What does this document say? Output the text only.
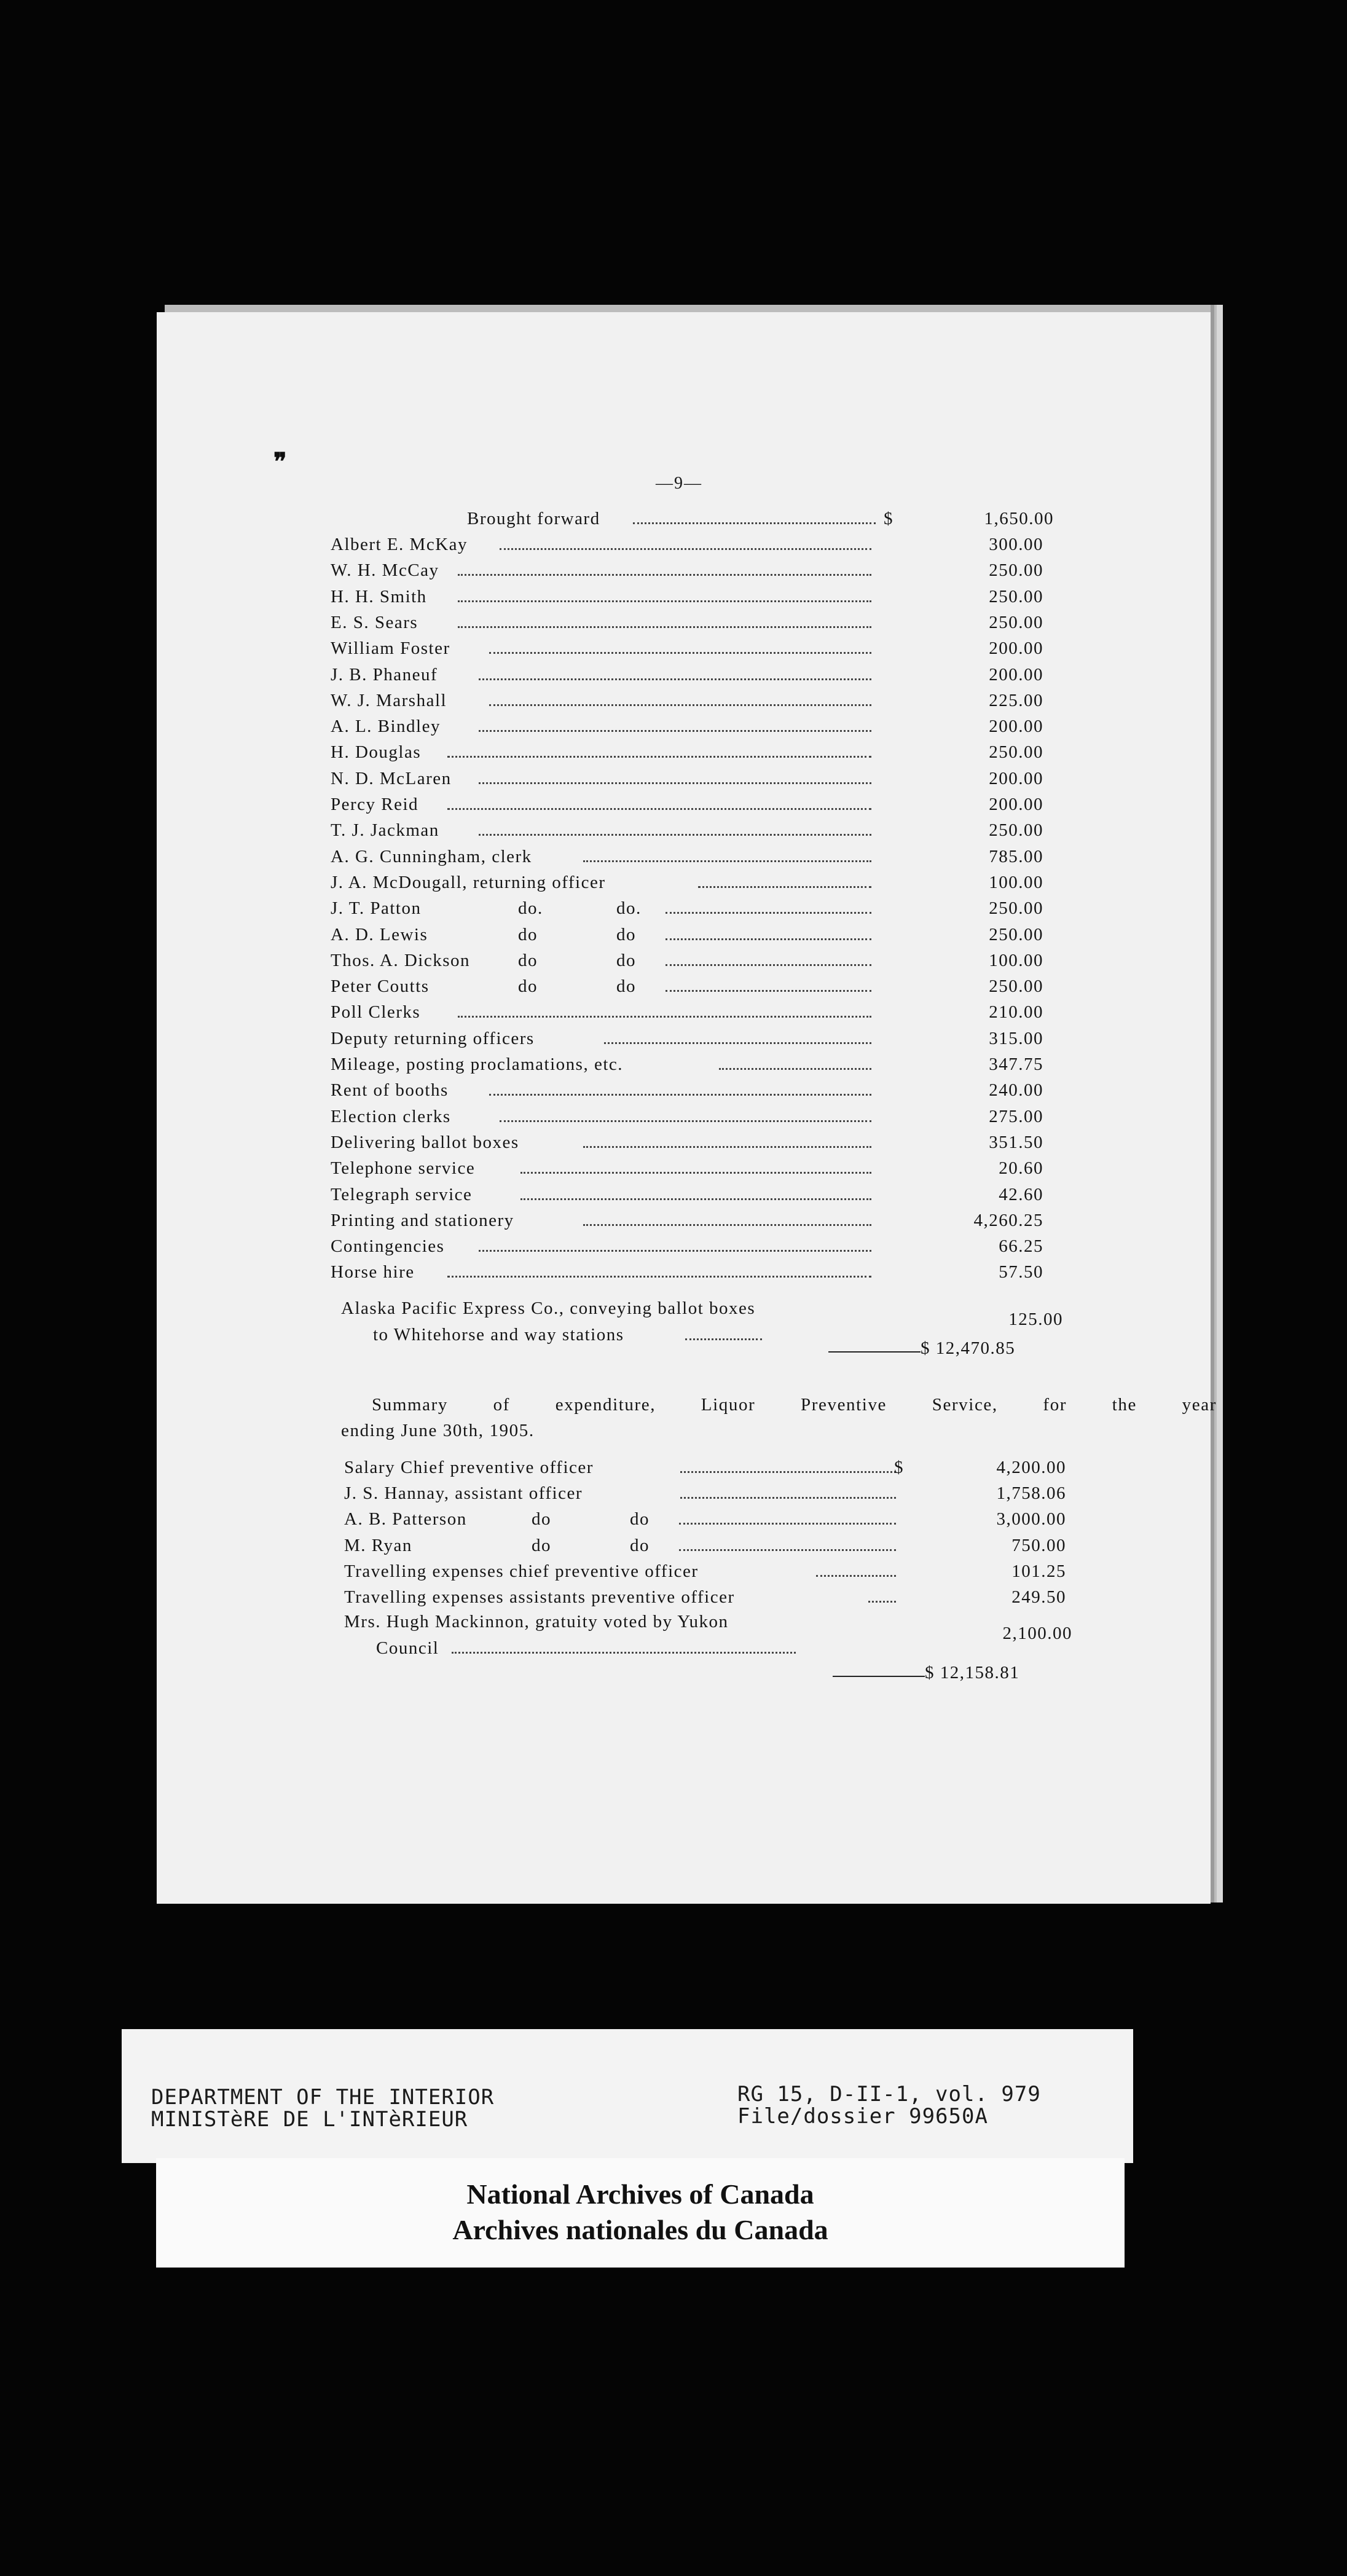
❞
—9—
Brought forward	$	1,650.00
Albert E. McKay	300.00
W. H. McCay	250.00
H. H. Smith	250.00
E. S. Sears	250.00
William Foster	200.00
J. B. Phaneuf	200.00
W. J. Marshall	225.00
A. L. Bindley	200.00
H. Douglas	250.00
N. D. McLaren	200.00
Percy Reid	200.00
T. J. Jackman	250.00
A. G. Cunningham, clerk	785.00
J. A. McDougall, returning officer	100.00
J. T. Patton	do.	do.	250.00
A. D. Lewis	do	do	250.00
Thos. A. Dickson	do	do	100.00
Peter Coutts	do	do	250.00
Poll Clerks	210.00
Deputy returning officers	315.00
Mileage, posting proclamations, etc.	347.75
Rent of booths	240.00
Election clerks	275.00
Delivering ballot boxes	351.50
Telephone service	20.60
Telegraph service	42.60
Printing and stationery	4,260.25
Contingencies	66.25
Horse hire	57.50
Alaska Pacific Express Co., conveying ballot boxes
to Whitehorse and way stations
125.00
$ 12,470.85
Summary of expenditure, Liquor Preventive Service, for the year
ending June 30th, 1905.
Salary Chief preventive officer	$	4,200.00
J. S. Hannay, assistant officer	1,758.06
A. B. Patterson	do	do	3,000.00
M. Ryan	do	do	750.00
Travelling expenses chief preventive officer	101.25
Travelling expenses assistants preventive officer	249.50
Mrs. Hugh Mackinnon, gratuity voted by Yukon
Council
2,100.00
$ 12,158.81
DEPARTMENT OF THE INTERIOR
MINISTèRE DE L'INTèRIEUR
RG 15, D-II-1, vol. 979
File/dossier 99650A
National Archives of Canada
Archives nationales du Canada
